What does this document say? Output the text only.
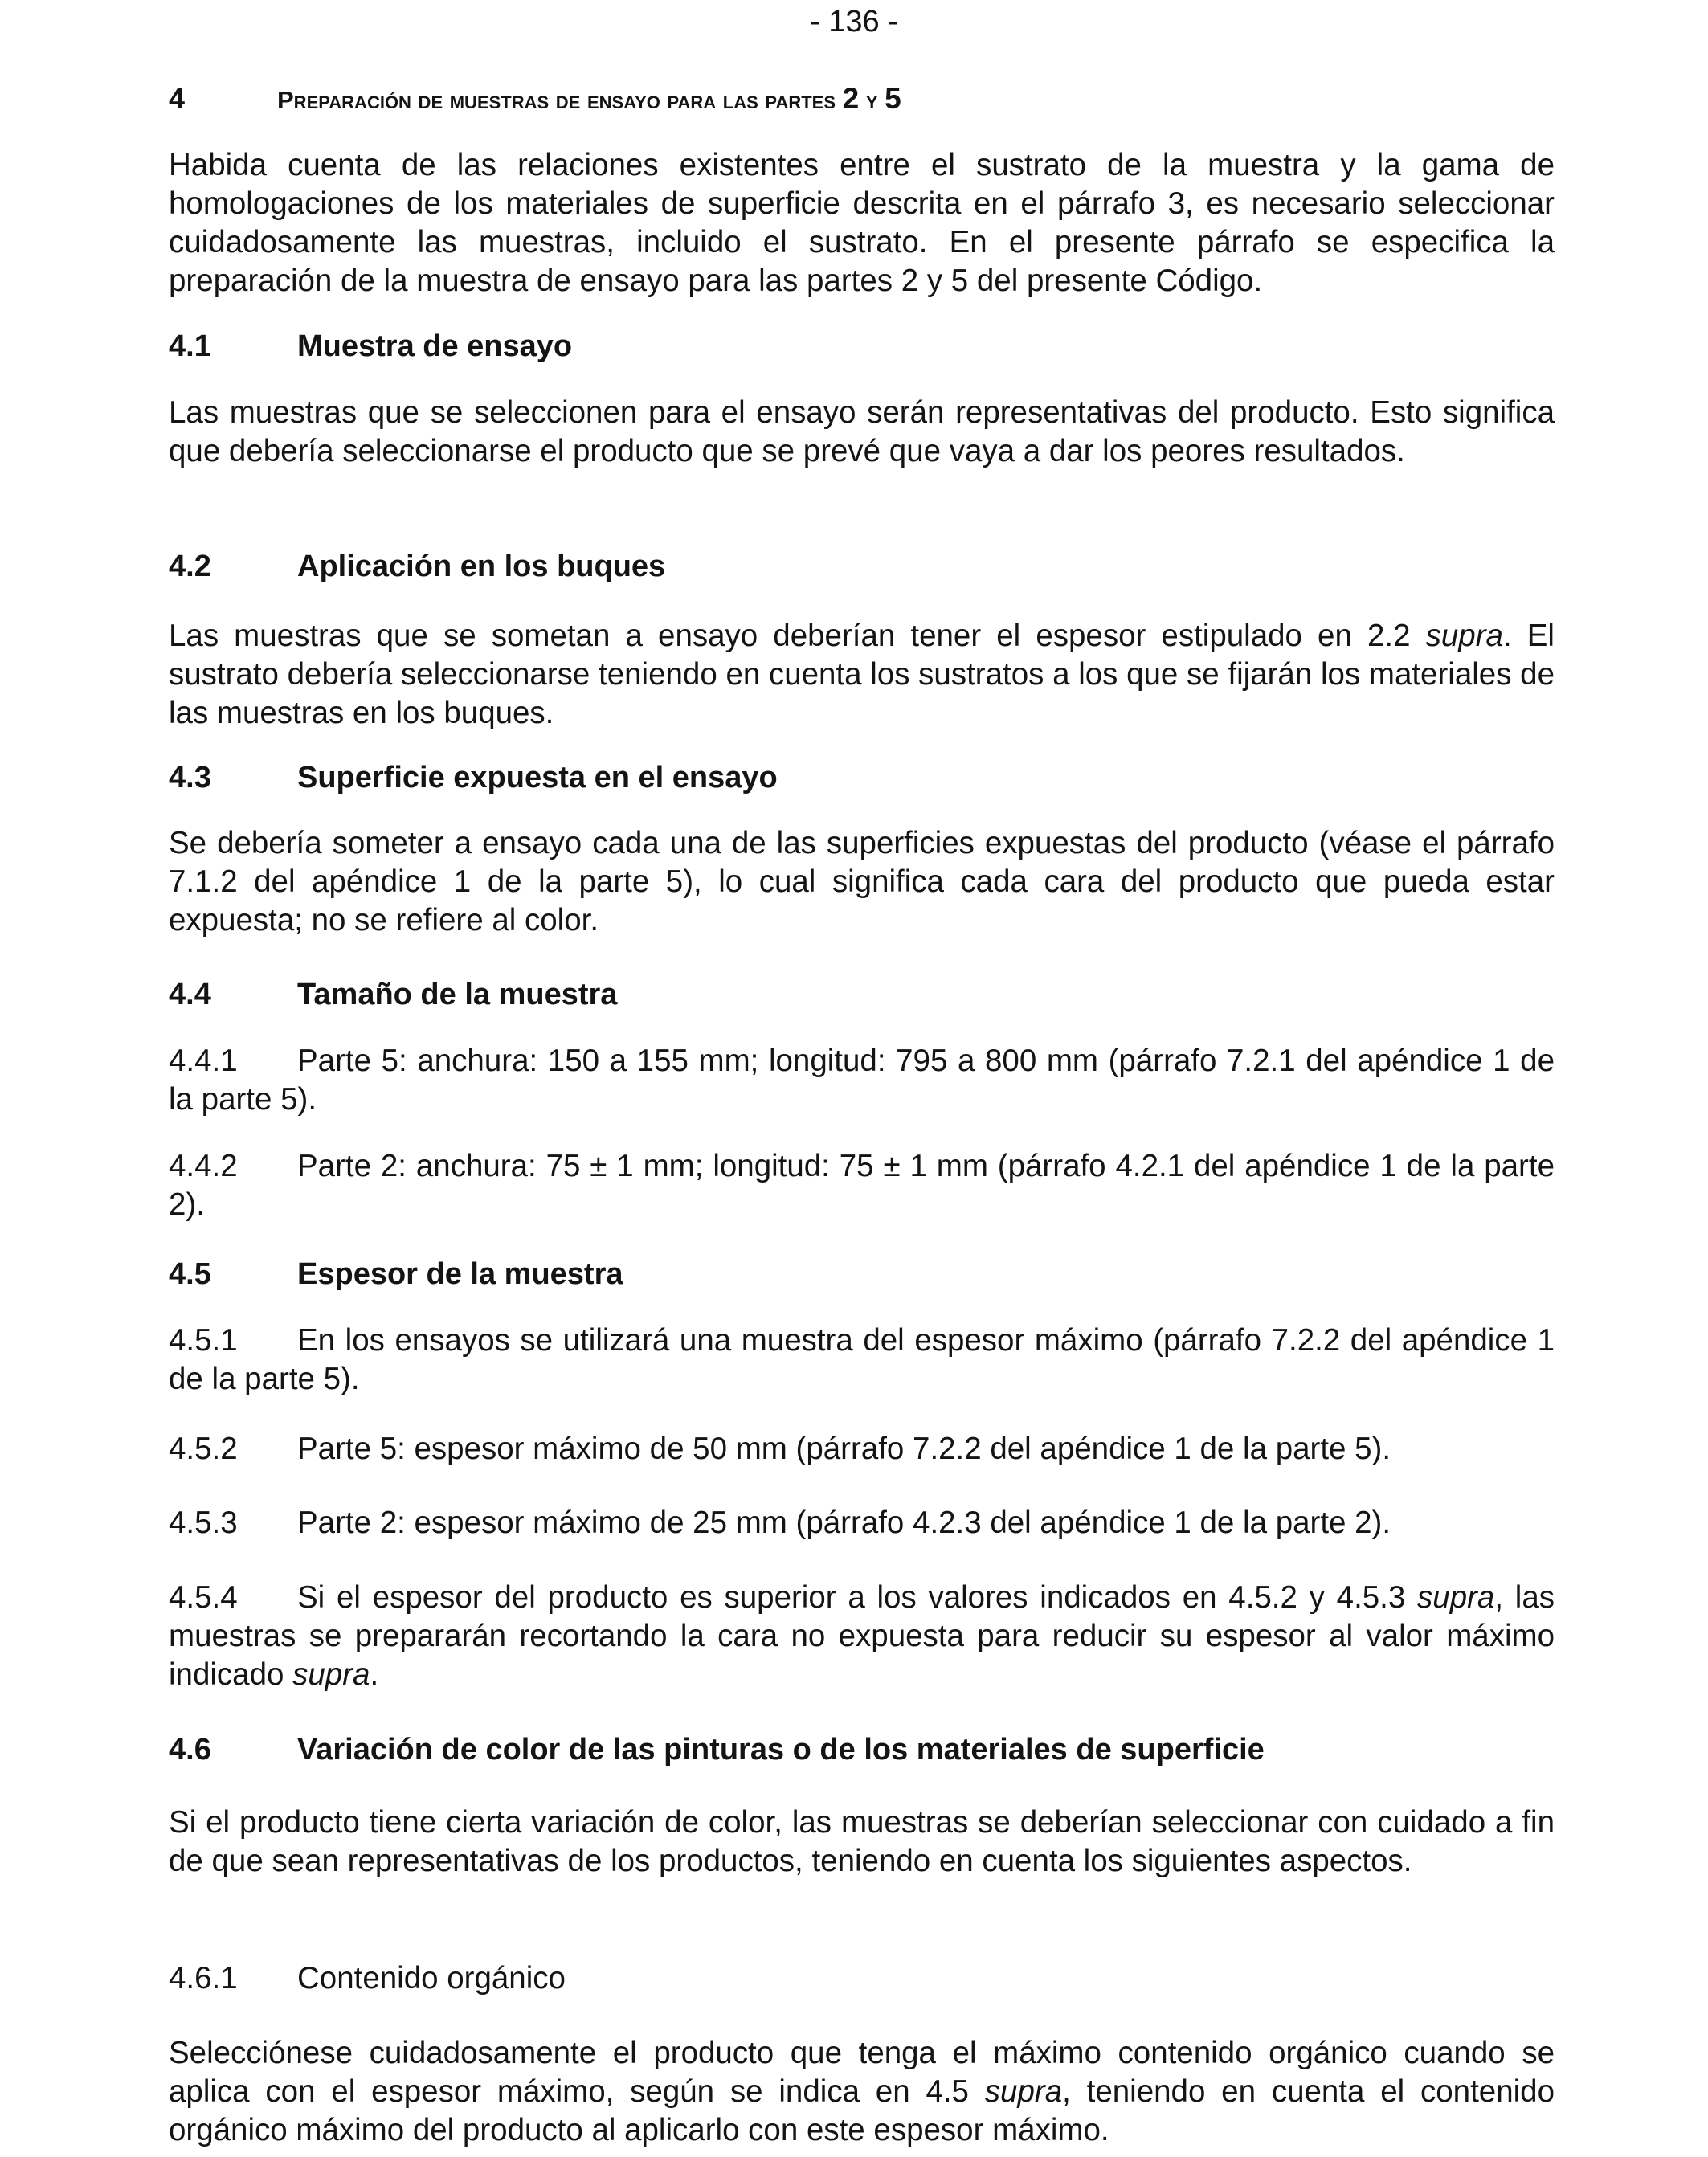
- 136 -

4	Preparación de muestras de ensayo para las partes 2 y 5

Habida cuenta de las relaciones existentes entre el sustrato de la muestra y la gama de homologaciones de los materiales de superficie descrita en el párrafo 3, es necesario seleccionar cuidadosamente las muestras, incluido el sustrato. En el presente párrafo se especifica la preparación de la muestra de ensayo para las partes 2 y 5 del presente Código.

4.1	Muestra de ensayo

Las muestras que se seleccionen para el ensayo serán representativas del producto. Esto significa que debería seleccionarse el producto que se prevé que vaya a dar los peores resultados.

4.2	Aplicación en los buques

Las muestras que se sometan a ensayo deberían tener el espesor estipulado en 2.2 supra. El sustrato debería seleccionarse teniendo en cuenta los sustratos a los que se fijarán los materiales de las muestras en los buques.

4.3	Superficie expuesta en el ensayo

Se debería someter a ensayo cada una de las superficies expuestas del producto (véase el párrafo 7.1.2 del apéndice 1 de la parte 5), lo cual significa cada cara del producto que pueda estar expuesta; no se refiere al color.

4.4	Tamaño de la muestra

4.4.1 Parte 5: anchura: 150 a 155 mm; longitud: 795 a 800 mm (párrafo 7.2.1 del apéndice 1 de la parte 5).

4.4.2 Parte 2: anchura: 75 ± 1 mm; longitud: 75 ± 1 mm (párrafo 4.2.1 del apéndice 1 de la parte 2).

4.5	Espesor de la muestra

4.5.1 En los ensayos se utilizará una muestra del espesor máximo (párrafo 7.2.2 del apéndice 1 de la parte 5).

4.5.2 Parte 5: espesor máximo de 50 mm (párrafo 7.2.2 del apéndice 1 de la parte 5).

4.5.3 Parte 2: espesor máximo de 25 mm (párrafo 4.2.3 del apéndice 1 de la parte 2).

4.5.4 Si el espesor del producto es superior a los valores indicados en 4.5.2 y 4.5.3 supra, las muestras se prepararán recortando la cara no expuesta para reducir su espesor al valor máximo indicado supra.

4.6	Variación de color de las pinturas o de los materiales de superficie

Si el producto tiene cierta variación de color, las muestras se deberían seleccionar con cuidado a fin de que sean representativas de los productos, teniendo en cuenta los siguientes aspectos.

4.6.1	Contenido orgánico

Selecciónese cuidadosamente el producto que tenga el máximo contenido orgánico cuando se aplica con el espesor máximo, según se indica en 4.5 supra, teniendo en cuenta el contenido orgánico máximo del producto al aplicarlo con este espesor máximo.
